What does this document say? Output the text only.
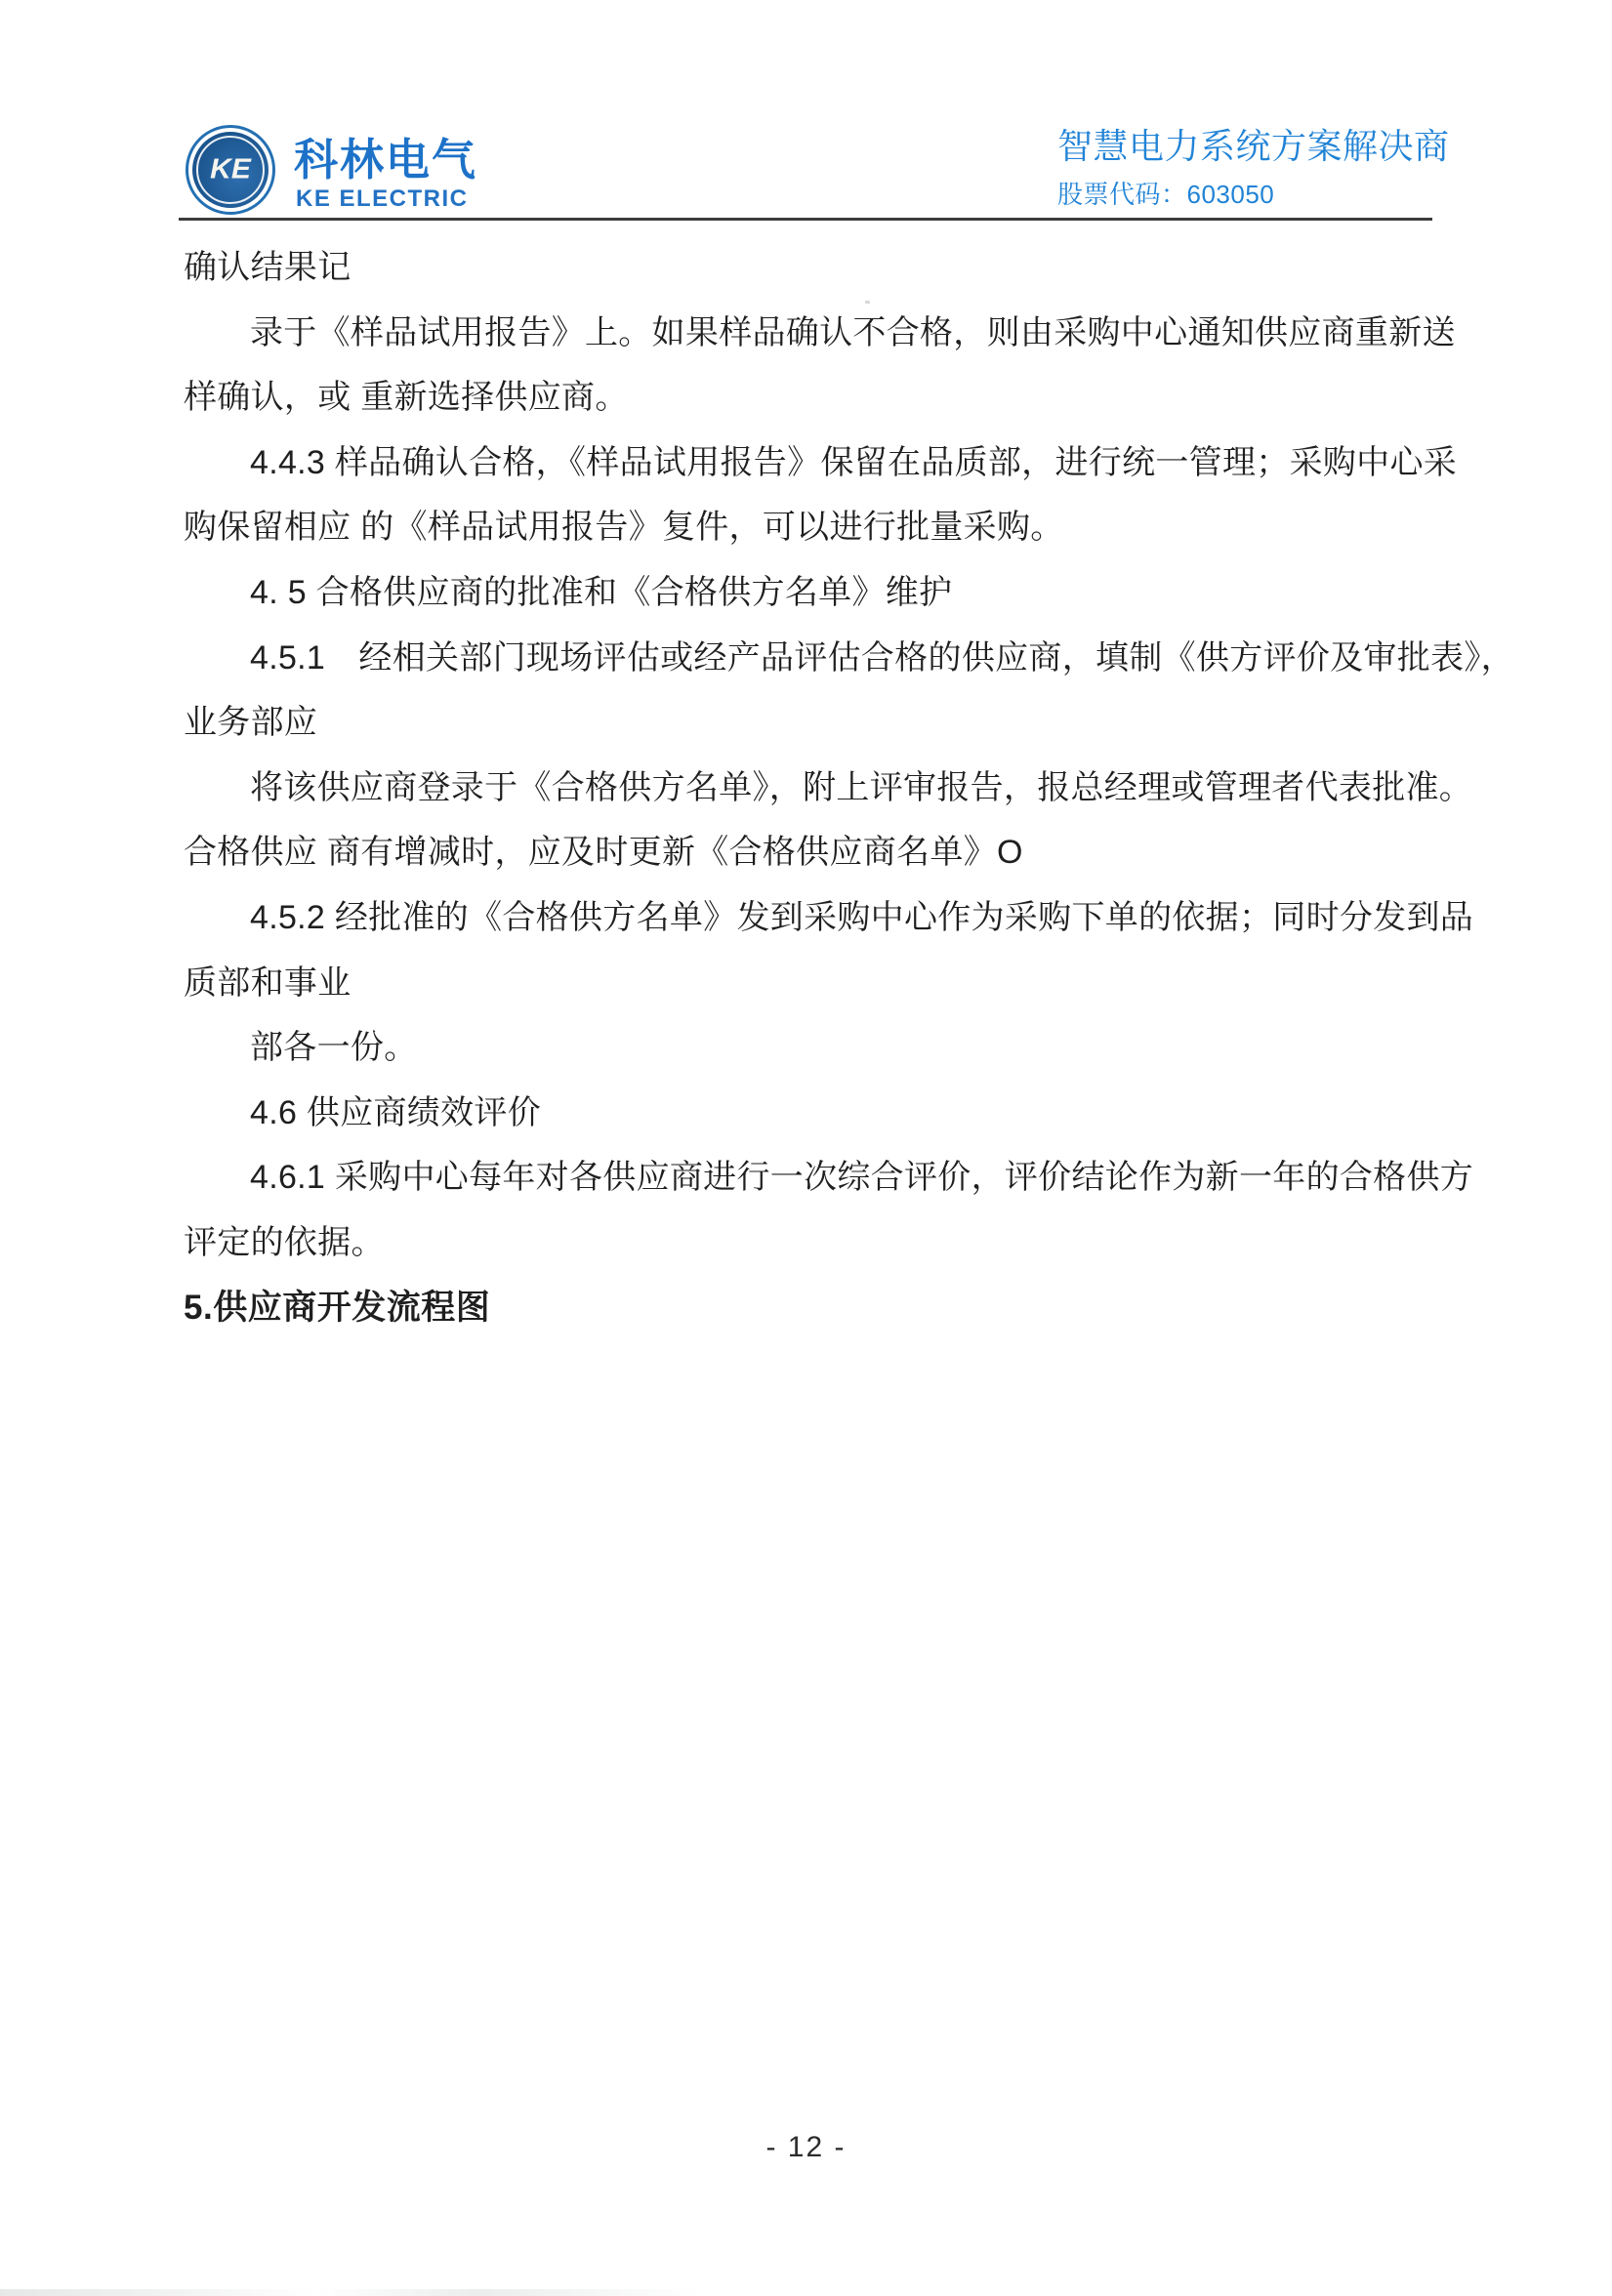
KE 科林电气
KE ELECTRIC
智慧电力系统方案解决商
股票代码：603050
确认结果记
录于《样品试用报告》上。如果样品确认不合格，则由采购中心通知供应商重新送
样确认，或 重新选择供应商。
4.4.3 样品确认合格，《样品试用报告》保留在品质部，进行统一管理；采购中心采
购保留相应 的《样品试用报告》复件，可以进行批量采购。
4. 5 合格供应商的批准和《合格供方名单》维护
4.5.1　经相关部门现场评估或经产品评估合格的供应商，填制《供方评价及审批表》，
业务部应
将该供应商登录于《合格供方名单》，附上评审报告，报总经理或管理者代表批准。
合格供应 商有增减时，应及时更新《合格供应商名单》O
4.5.2 经批准的《合格供方名单》发到采购中心作为采购下单的依据；同时分发到品
质部和事业
部各一份。
4.6 供应商绩效评价
4.6.1 采购中心每年对各供应商进行一次综合评价，评价结论作为新一年的合格供方
评定的依据。
5.供应商开发流程图
- 12 -
